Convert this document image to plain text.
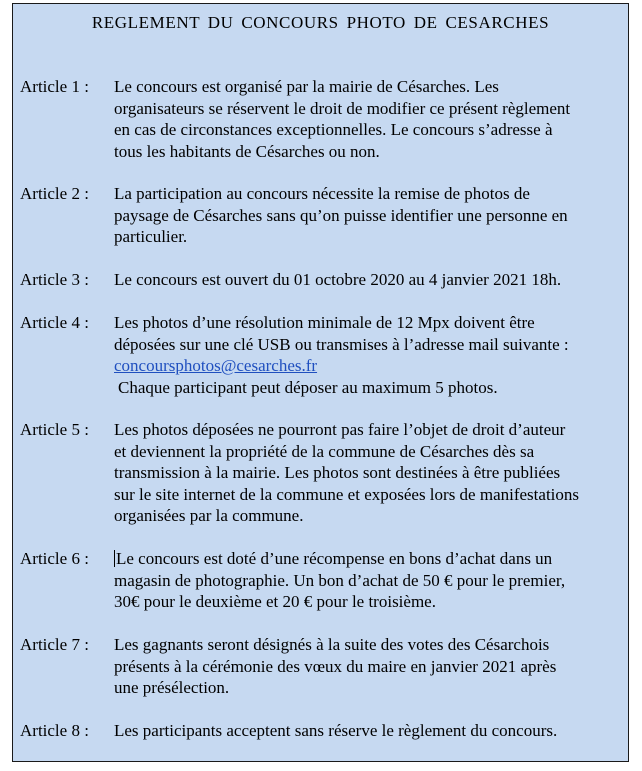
REGLEMENT DU CONCOURS PHOTO DE CESARCHES
Article 1 : Le concours est organisé par la mairie de Césarches. Les
organisateurs se réservent le droit de modifier ce présent règlement
en cas de circonstances exceptionnelles. Le concours s’adresse à
tous les habitants de Césarches ou non.
Article 2 : La participation au concours nécessite la remise de photos de
paysage de Césarches sans qu’on puisse identifier une personne en
particulier.
Article 3 : Le concours est ouvert du 01 octobre 2020 au 4 janvier 2021 18h.
Article 4 : Les photos d’une résolution minimale de 12 Mpx doivent être
déposées sur une clé USB ou transmises à l’adresse mail suivante :
concoursphotos@cesarches.fr
Chaque participant peut déposer au maximum 5 photos.
Article 5 : Les photos déposées ne pourront pas faire l’objet de droit d’auteur
et deviennent la propriété de la commune de Césarches dès sa
transmission à la mairie. Les photos sont destinées à être publiées
sur le site internet de la commune et exposées lors de manifestations
organisées par la commune.
Article 6 : Le concours est doté d’une récompense en bons d’achat dans un
magasin de photographie. Un bon d’achat de 50 € pour le premier,
30€ pour le deuxième et 20 € pour le troisième.
Article 7 : Les gagnants seront désignés à la suite des votes des Césarchois
présents à la cérémonie des vœux du maire en janvier 2021 après
une présélection.
Article 8 : Les participants acceptent sans réserve le règlement du concours.
